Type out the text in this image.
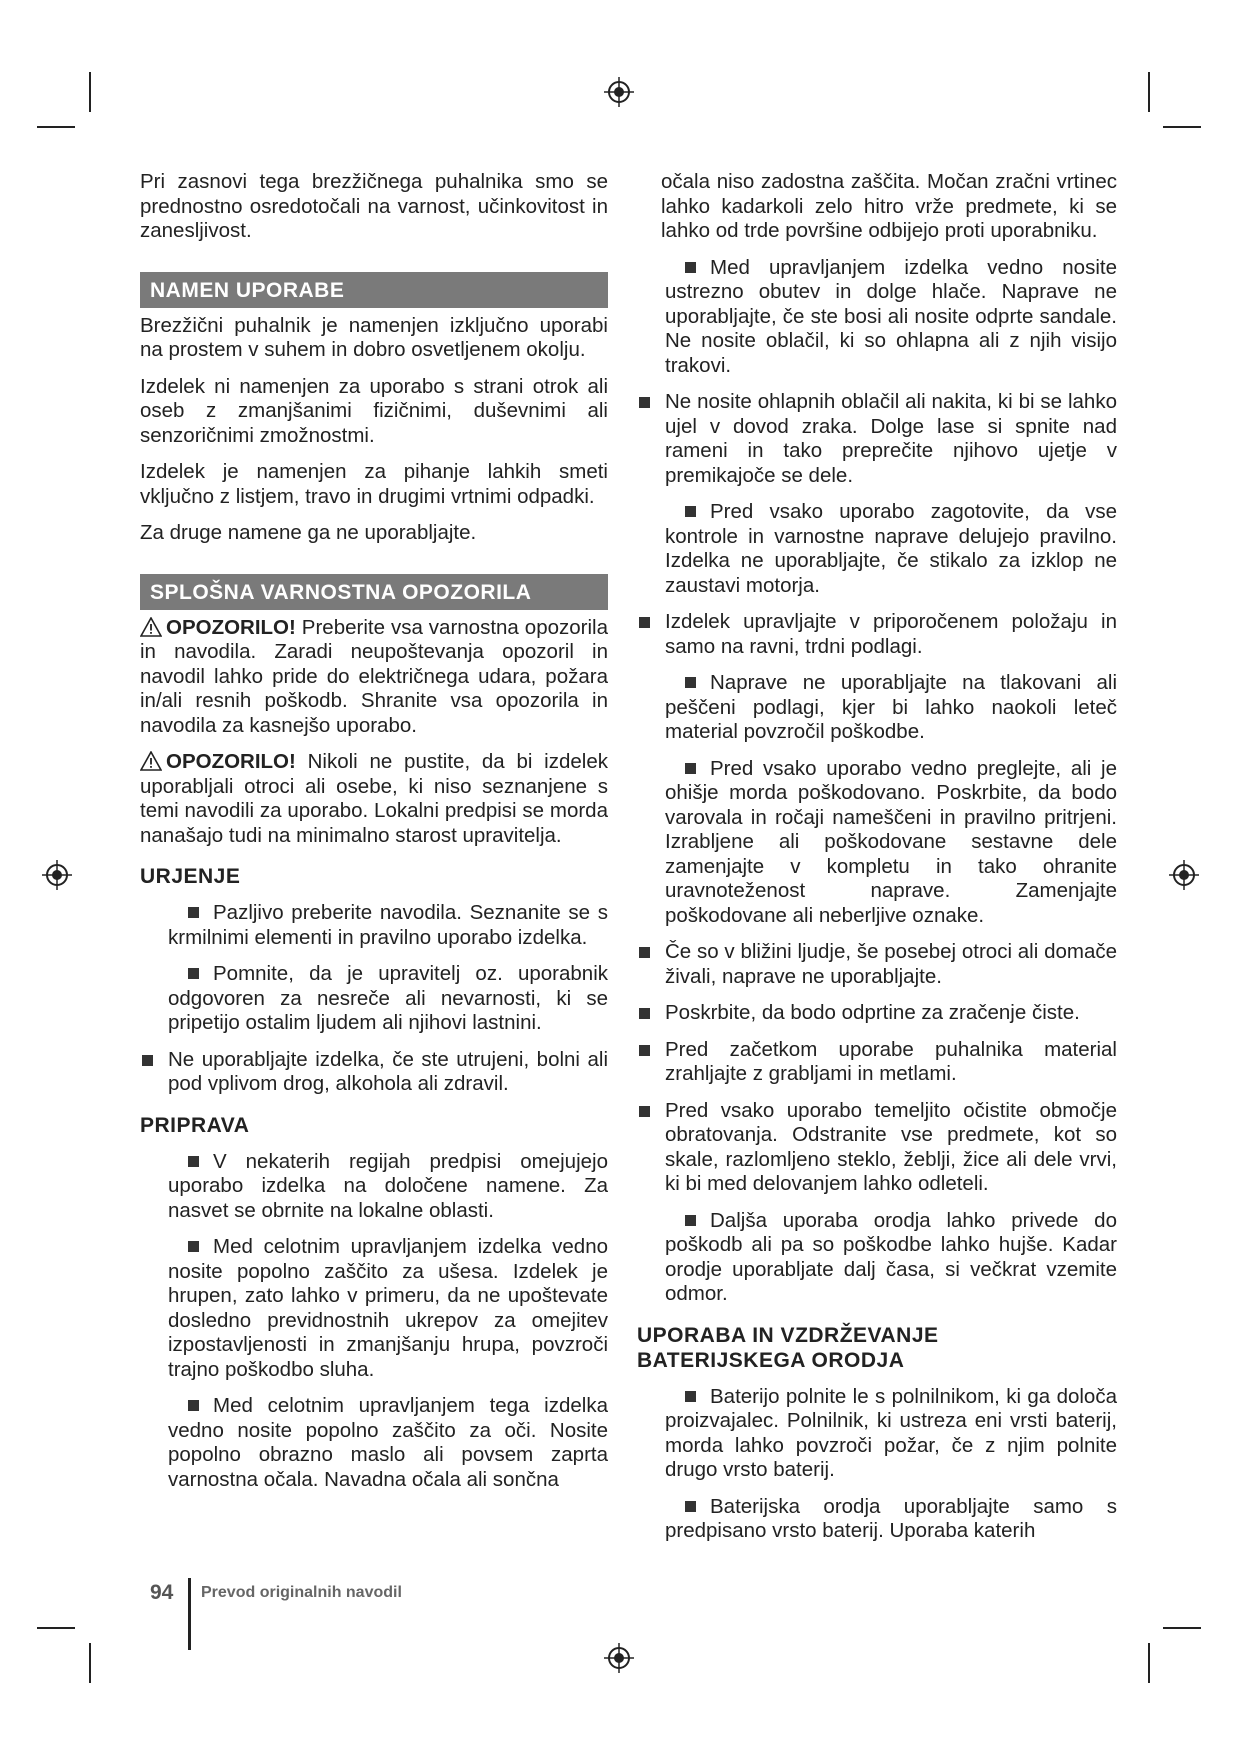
Pri zasnovi tega brezžičnega puhalnika smo se prednostno osredotočali na varnost, učinkovitost in zanesljivost.

NAMEN UPORABE

Brezžični puhalnik je namenjen izključno uporabi na prostem v suhem in dobro osvetljenem okolju.

Izdelek ni namenjen za uporabo s strani otrok ali oseb z zmanjšanimi fizičnimi, duševnimi ali senzoričnimi zmožnostmi.

Izdelek je namenjen za pihanje lahkih smeti vključno z listjem, travo in drugimi vrtnimi odpadki.

Za druge namene ga ne uporabljajte.

SPLOŠNA VARNOSTNA OPOZORILA

OPOZORILO! Preberite vsa varnostna opozorila in navodila. Zaradi neupoštevanja opozoril in navodil lahko pride do električnega udara, požara in/ali resnih poškodb. Shranite vsa opozorila in navodila za kasnejšo uporabo.

OPOZORILO! Nikoli ne pustite, da bi izdelek uporabljali otroci ali osebe, ki niso seznanjene s temi navodili za uporabo. Lokalni predpisi se morda nanašajo tudi na minimalno starost upravitelja.

URJENJE
Pazljivo preberite navodila. Seznanite se s krmilnimi elementi in pravilno uporabo izdelka.
Pomnite, da je upravitelj oz. uporabnik odgovoren za nesreče ali nevarnosti, ki se pripetijo ostalim ljudem ali njihovi lastnini.
Ne uporabljajte izdelka, če ste utrujeni, bolni ali pod vplivom drog, alkohola ali zdravil.
PRIPRAVA
V nekaterih regijah predpisi omejujejo uporabo izdelka na določene namene. Za nasvet se obrnite na lokalne oblasti.
Med celotnim upravljanjem izdelka vedno nosite popolno zaščito za ušesa. Izdelek je hrupen, zato lahko v primeru, da ne upoštevate dosledno previdnostnih ukrepov za omejitev izpostavljenosti in zmanjšanju hrupa, povzroči trajno poškodbo sluha.
Med celotnim upravljanjem tega izdelka vedno nosite popolno zaščito za oči. Nosite popolno obrazno maslo ali povsem zaprta varnostna očala. Navadna očala ali sončna

očala niso zadostna zaščita. Močan zračni vrtinec lahko kadarkoli zelo hitro vrže predmete, ki se lahko od trde površine odbijejo proti uporabniku.

Med upravljanjem izdelka vedno nosite ustrezno obutev in dolge hlače. Naprave ne uporabljajte, če ste bosi ali nosite odprte sandale. Ne nosite oblačil, ki so ohlapna ali z njih visijo trakovi.
Ne nosite ohlapnih oblačil ali nakita, ki bi se lahko ujel v dovod zraka. Dolge lase si spnite nad rameni in tako preprečite njihovo ujetje v premikajoče se dele.
Pred vsako uporabo zagotovite, da vse kontrole in varnostne naprave delujejo pravilno. Izdelka ne uporabljajte, če stikalo za izklop ne zaustavi motorja.
Izdelek upravljajte v priporočenem položaju in samo na ravni, trdni podlagi.
Naprave ne uporabljajte na tlakovani ali peščeni podlagi, kjer bi lahko naokoli leteč material povzročil poškodbe.
Pred vsako uporabo vedno preglejte, ali je ohišje morda poškodovano. Poskrbite, da bodo varovala in ročaji nameščeni in pravilno pritrjeni. Izrabljene ali poškodovane sestavne dele zamenjajte v kompletu in tako ohranite uravnoteženost naprave. Zamenjajte poškodovane ali neberljive oznake.
Če so v bližini ljudje, še posebej otroci ali domače živali, naprave ne uporabljajte.
Poskrbite, da bodo odprtine za zračenje čiste.
Pred začetkom uporabe puhalnika material zrahljajte z grabljami in metlami.
Pred vsako uporabo temeljito očistite območje obratovanja. Odstranite vse predmete, kot so skale, razlomljeno steklo, žeblji, žice ali dele vrvi, ki bi med delovanjem lahko odleteli.
Daljša uporaba orodja lahko privede do poškodb ali pa so poškodbe lahko hujše. Kadar orodje uporabljate dalj časa, si večkrat vzemite odmor.
UPORABA IN VZDRŽEVANJE BATERIJSKEGA ORODJA
Baterijo polnite le s polnilnikom, ki ga določa proizvajalec. Polnilnik, ki ustreza eni vrsti baterij, morda lahko povzroči požar, če z njim polnite drugo vrsto baterij.
Baterijska orodja uporabljajte samo s predpisano vrsto baterij. Uporaba katerih
94 Prevod originalnih navodil
